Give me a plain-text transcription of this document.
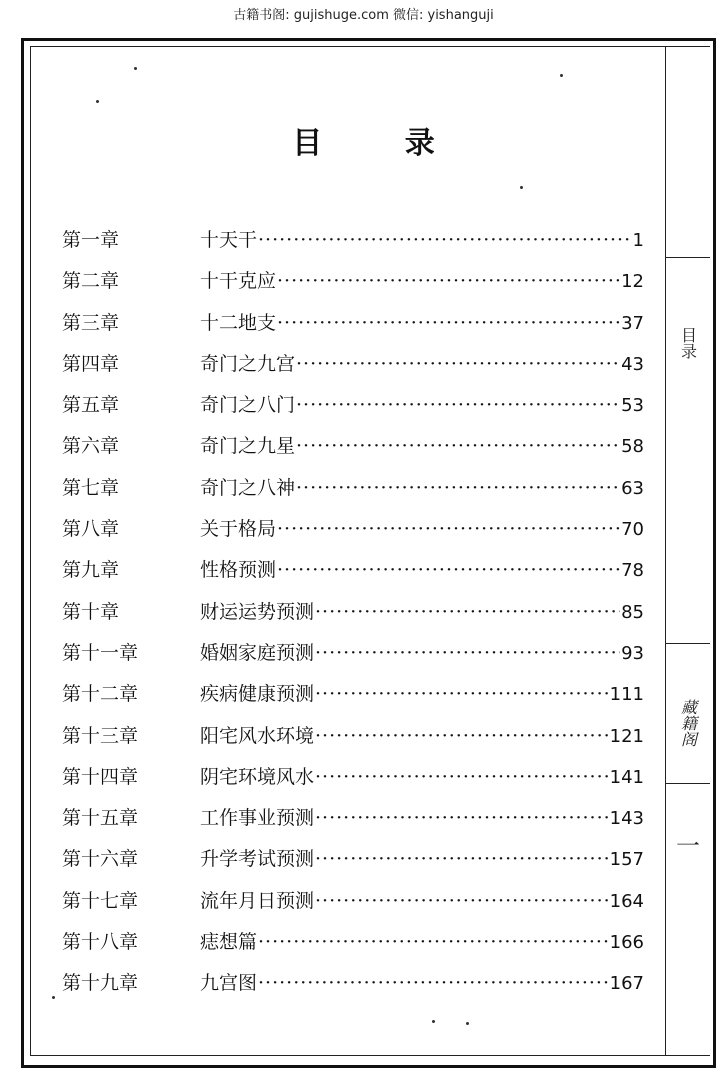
古籍书阁: gujishuge.com 微信: yishanguji
目录
藏籍阁
一
目 录
第一章	十天干 ·····	1
第二章	十干克应 ·····	12
第三章	十二地支 ·····	37
第四章	奇门之九宫 ·····	43
第五章	奇门之八门 ·····	53
第六章	奇门之九星 ·····	58
第七章	奇门之八神 ·····	63
第八章	关于格局 ·····	70
第九章	性格预测 ·····	78
第十章	财运运势预测 ·····	85
第十一章	婚姻家庭预测 ·····	93
第十二章	疾病健康预测 ·····	111
第十三章	阳宅风水环境 ·····	121
第十四章	阴宅环境风水 ·····	141
第十五章	工作事业预测 ·····	143
第十六章	升学考试预测 ·····	157
第十七章	流年月日预测 ·····	164
第十八章	痣想篇 ·····	166
第十九章	九宫图 ·····	167
